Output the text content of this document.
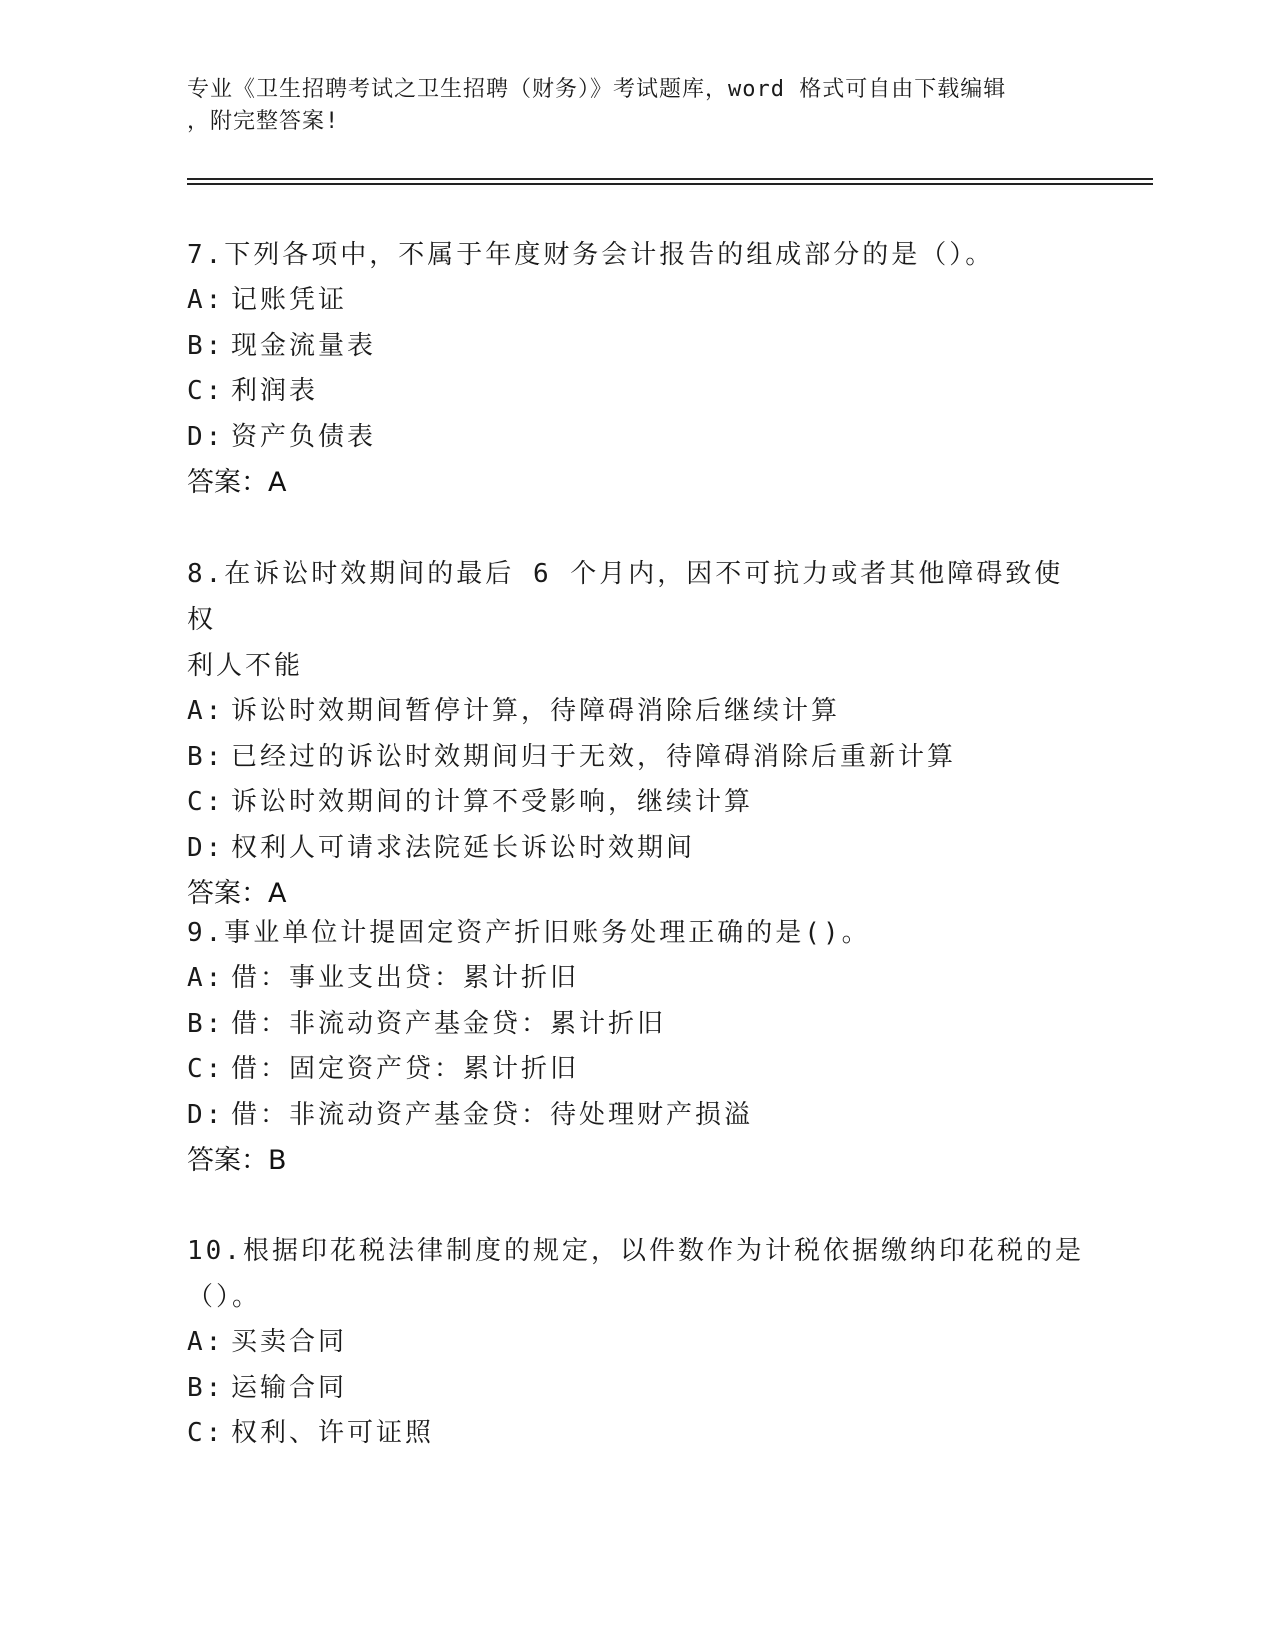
专业《卫生招聘考试之卫生招聘（财务）》考试题库，word 格式可自由下载编辑
，附完整答案!
7.下列各项中，不属于年度财务会计报告的组成部分的是（）。
A: 记账凭证
B: 现金流量表
C: 利润表
D: 资产负债表
答案：A
8.在诉讼时效期间的最后 6 个月内，因不可抗力或者其他障碍致使权
利人不能
A: 诉讼时效期间暂停计算，待障碍消除后继续计算
B: 已经过的诉讼时效期间归于无效，待障碍消除后重新计算
C: 诉讼时效期间的计算不受影响，继续计算
D: 权利人可请求法院延长诉讼时效期间
答案：A
9.事业单位计提固定资产折旧账务处理正确的是()。
A: 借：事业支出贷：累计折旧
B: 借：非流动资产基金贷：累计折旧
C: 借：固定资产贷：累计折旧
D: 借：非流动资产基金贷：待处理财产损溢
答案：B
10.根据印花税法律制度的规定，以件数作为计税依据缴纳印花税的是
（）。
A: 买卖合同
B: 运输合同
C: 权利、许可证照
